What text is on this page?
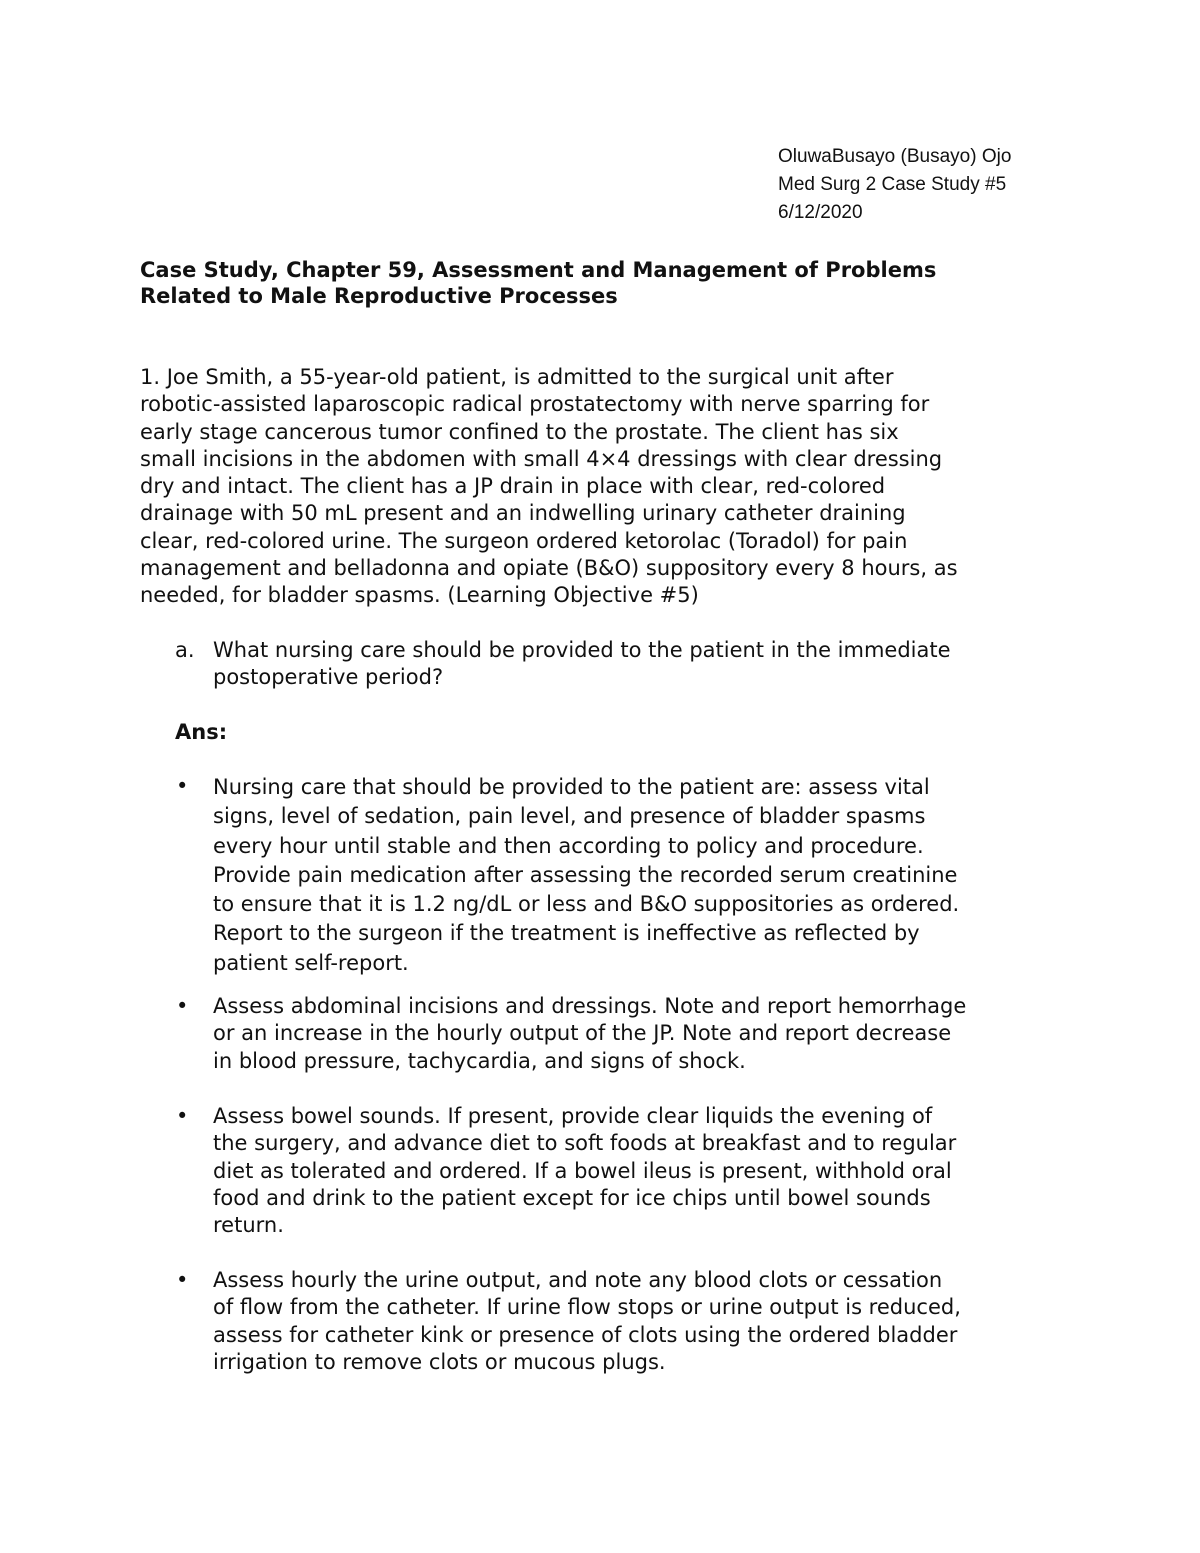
OluwaBusayo (Busayo) Ojo
Med Surg 2 Case Study #5
6/12/2020
Case Study, Chapter 59, Assessment and Management of Problems
Related to Male Reproductive Processes
1. Joe Smith, a 55-year-old patient, is admitted to the surgical unit after
robotic-assisted laparoscopic radical prostatectomy with nerve sparring for
early stage cancerous tumor confined to the prostate. The client has six
small incisions in the abdomen with small 4×4 dressings with clear dressing
dry and intact. The client has a JP drain in place with clear, red-colored
drainage with 50 mL present and an indwelling urinary catheter draining
clear, red-colored urine. The surgeon ordered ketorolac (Toradol) for pain
management and belladonna and opiate (B&O) suppository every 8 hours, as
needed, for bladder spasms. (Learning Objective #5)
a. What nursing care should be provided to the patient in the immediate
postoperative period?
Ans:
• Nursing care that should be provided to the patient are: assess vital
signs, level of sedation, pain level, and presence of bladder spasms
every hour until stable and then according to policy and procedure.
Provide pain medication after assessing the recorded serum creatinine
to ensure that it is 1.2 ng/dL or less and B&O suppositories as ordered.
Report to the surgeon if the treatment is ineffective as reflected by
patient self-report.
• Assess abdominal incisions and dressings. Note and report hemorrhage
or an increase in the hourly output of the JP. Note and report decrease
in blood pressure, tachycardia, and signs of shock.
• Assess bowel sounds. If present, provide clear liquids the evening of
the surgery, and advance diet to soft foods at breakfast and to regular
diet as tolerated and ordered. If a bowel ileus is present, withhold oral
food and drink to the patient except for ice chips until bowel sounds
return.
• Assess hourly the urine output, and note any blood clots or cessation
of flow from the catheter. If urine flow stops or urine output is reduced,
assess for catheter kink or presence of clots using the ordered bladder
irrigation to remove clots or mucous plugs.
